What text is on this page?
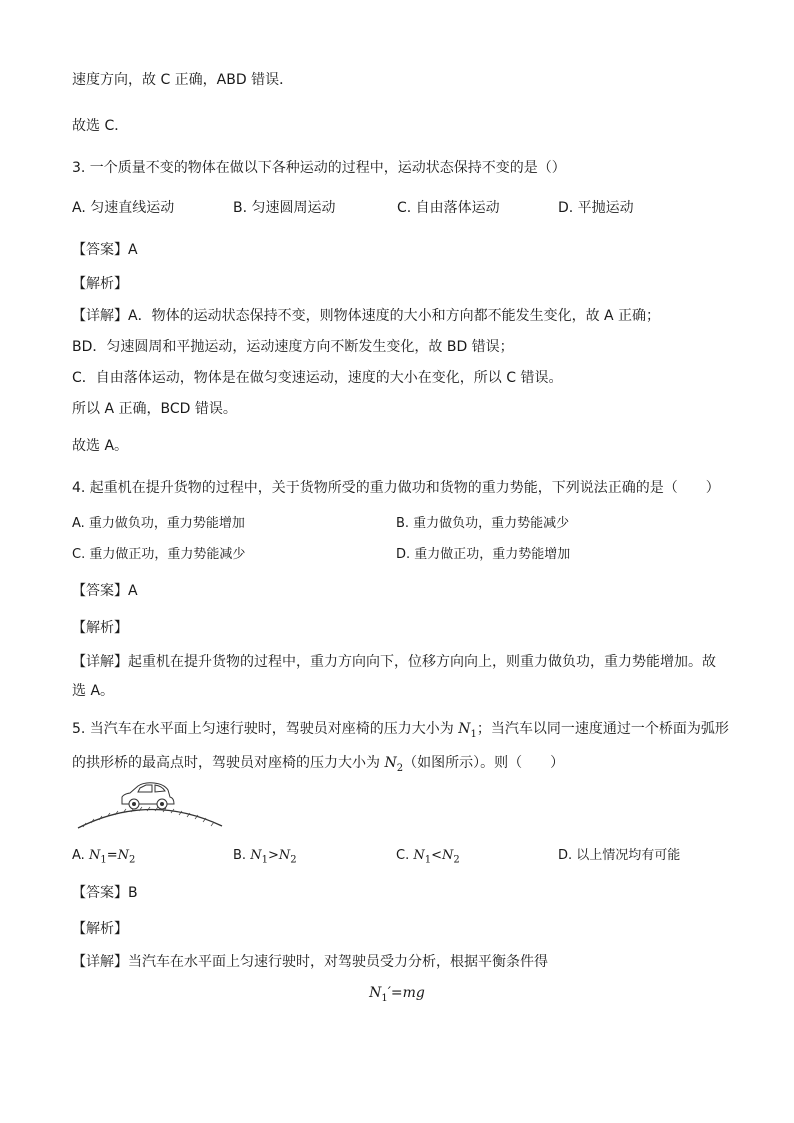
速度方向，故 C 正确，ABD 错误．
故选 C．
3. 一个质量不变的物体在做以下各种运动的过程中，运动状态保持不变的是（）
A. 匀速直线运动	B. 匀速圆周运动	C. 自由落体运动	D. 平抛运动
【答案】A
【解析】
【详解】A．物体的运动状态保持不变，则物体速度的大小和方向都不能发生变化，故 A 正确；
BD．匀速圆周和平抛运动，运动速度方向不断发生变化，故 BD 错误；
C．自由落体运动，物体是在做匀变速运动，速度的大小在变化，所以 C 错误。
所以 A 正确，BCD 错误。
故选 A。
4. 起重机在提升货物的过程中，关于货物所受的重力做功和货物的重力势能，下列说法正确的是（　　）
A. 重力做负功，重力势能增加	B. 重力做负功，重力势能减少
C. 重力做正功，重力势能减少	D. 重力做正功，重力势能增加
【答案】A
【解析】
【详解】起重机在提升货物的过程中，重力方向向下，位移方向向上，则重力做负功，重力势能增加。故
选 A。
5. 当汽车在水平面上匀速行驶时，驾驶员对座椅的压力大小为 $N_1$；当汽车以同一速度通过一个桥面为弧形
的拱形桥的最高点时，驾驶员对座椅的压力大小为 $N_2$（如图所示）。则（　　）
A. $N_1=N_2$	B. $N_1>N_2$	C. $N_1<N_2$	D. 以上情况均有可能
【答案】B
【解析】
【详解】当汽车在水平面上匀速行驶时，对驾驶员受力分析，根据平衡条件得
$N_1'=mg$
